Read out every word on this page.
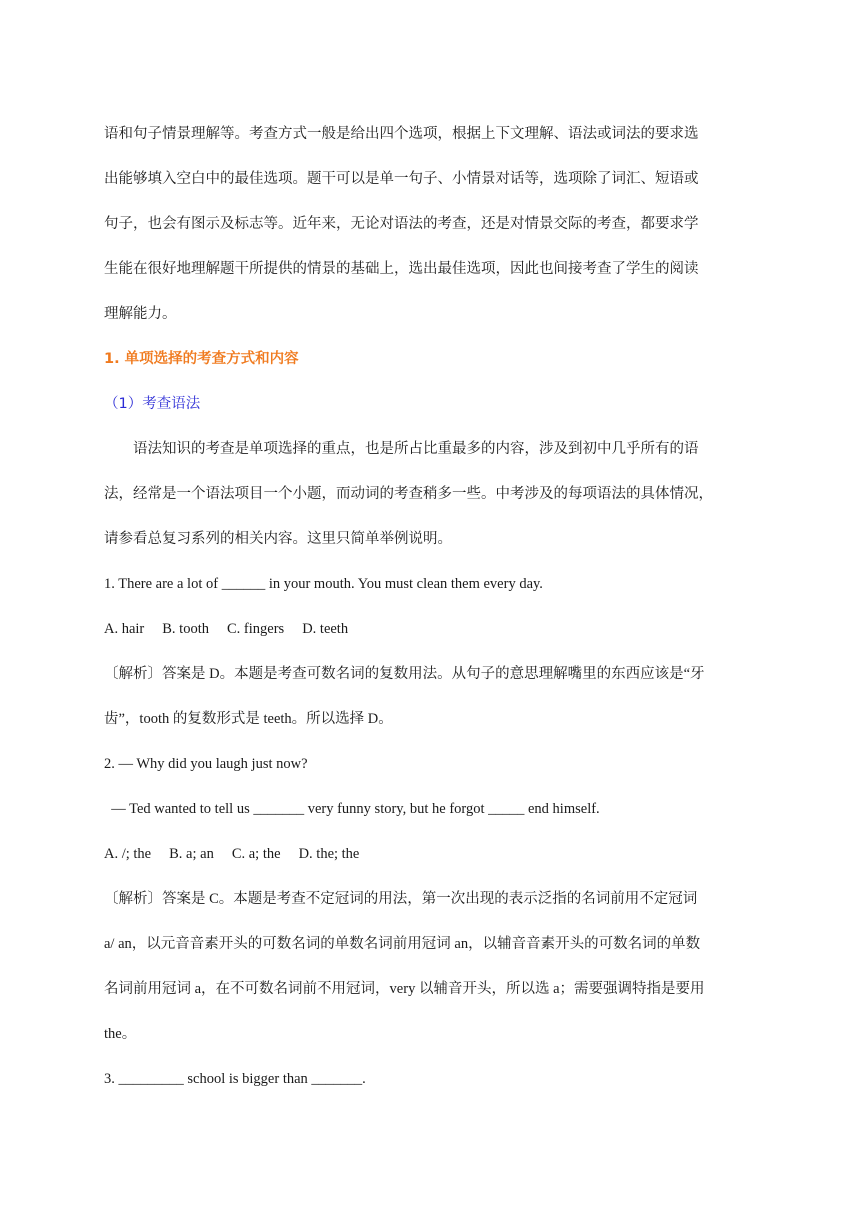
语和句子情景理解等。考查方式一般是给出四个选项，根据上下文理解、语法或词法的要求选

出能够填入空白中的最佳选项。题干可以是单一句子、小情景对话等，选项除了词汇、短语或

句子，也会有图示及标志等。近年来，无论对语法的考查，还是对情景交际的考查，都要求学

生能在很好地理解题干所提供的情景的基础上，选出最佳选项，因此也间接考查了学生的阅读

理解能力。

1. 单项选择的考查方式和内容

（1）考查语法

语法知识的考查是单项选择的重点，也是所占比重最多的内容，涉及到初中几乎所有的语

法，经常是一个语法项目一个小题，而动词的考查稍多一些。中考涉及的每项语法的具体情况，

请参看总复习系列的相关内容。这里只简单举例说明。

1. There are a lot of ______ in your mouth. You must clean them every day.

A. hair B. tooth C. fingers D. teeth

〔解析〕答案是 D。本题是考查可数名词的复数用法。从句子的意思理解嘴里的东西应该是“牙

齿”，tooth 的复数形式是 teeth。所以选择 D。

2. — Why did you laugh just now?

— Ted wanted to tell us _______ very funny story, but he forgot _____ end himself.

A. /; the B. a; an C. a; the D. the; the

〔解析〕答案是 C。本题是考查不定冠词的用法，第一次出现的表示泛指的名词前用不定冠词

a/ an，以元音音素开头的可数名词的单数名词前用冠词 an，以辅音音素开头的可数名词的单数

名词前用冠词 a，在不可数名词前不用冠词，very 以辅音开头，所以选 a；需要强调特指是要用

the。

3. _________ school is bigger than _______.
